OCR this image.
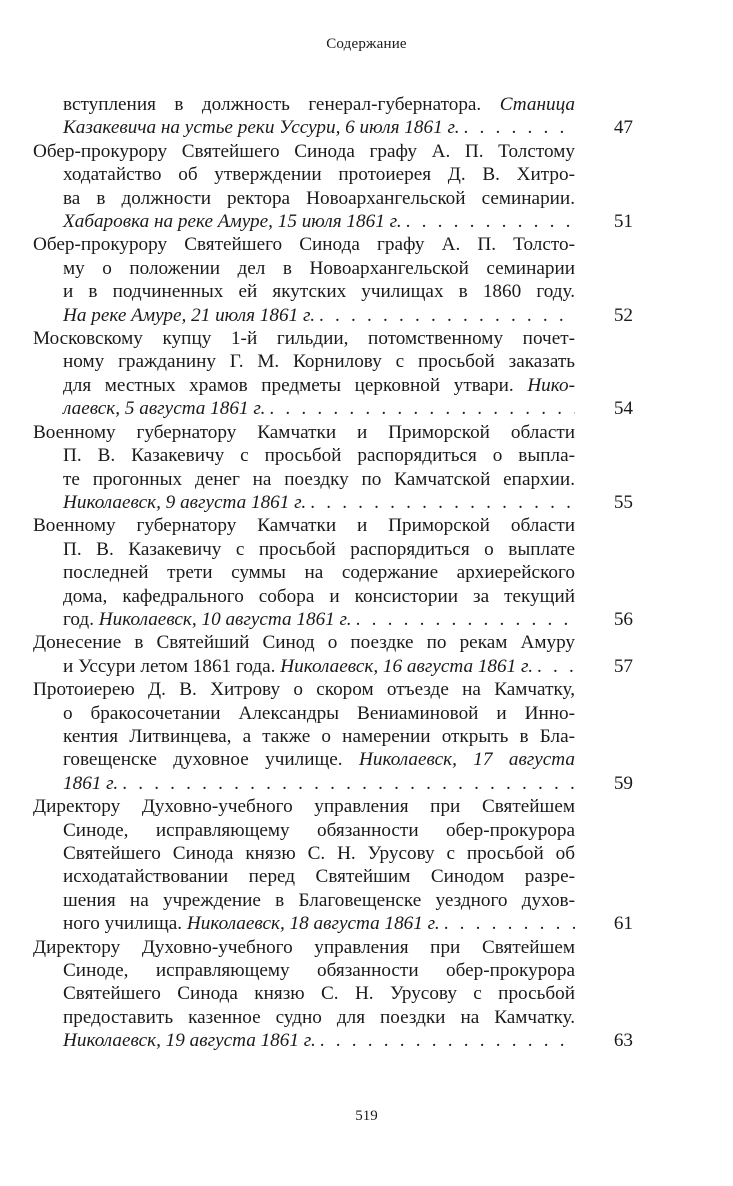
Содержание
вступления в должность генерал-губернатора. Станица
Казакевича на устье реки Уссури, 6 июля 1861 г. . . .	47
Обер-прокурору Святейшего Синода графу А. П. Толстому
ходатайство об утверждении протоиерея Д. В. Хитро-
ва в должности ректора Новоархангельской семинарии.
Хабаровка на реке Амуре, 15 июля 1861 г. . . .	51
Обер-прокурору Святейшего Синода графу А. П. Толсто-
му о положении дел в Новоархангельской семинарии
и в подчиненных ей якутских училищах в 1860 году.
На реке Амуре, 21 июля 1861 г. . . .	52
Московскому купцу 1-й гильдии, потомственному почет-
ному гражданину Г. М. Корнилову с просьбой заказать
для местных храмов предметы церковной утвари. Нико-
лаевск, 5 августа 1861 г. . . .	54
Военному губернатору Камчатки и Приморской области
П. В. Казакевичу с просьбой распорядиться о выпла-
те прогонных денег на поездку по Камчатской епархии.
Николаевск, 9 августа 1861 г. . . .	55
Военному губернатору Камчатки и Приморской области
П. В. Казакевичу с просьбой распорядиться о выплате
последней трети суммы на содержание архиерейского
дома, кафедрального собора и консистории за текущий
год. Николаевск, 10 августа 1861 г. . . .	56
Донесение в Святейший Синод о поездке по рекам Амуру
и Уссури летом 1861 года. Николаевск, 16 августа 1861 г. . . .	57
Протоиерею Д. В. Хитрову о скором отъезде на Камчатку,
о бракосочетании Александры Вениаминовой и Инно-
кентия Литвинцева, а также о намерении открыть в Бла-
говещенске духовное училище. Николаевск, 17 августа
1861 г. . . .	59
Директору Духовно-учебного управления при Святейшем
Синоде, исправляющему обязанности обер-прокурора
Святейшего Синода князю С. Н. Урусову с просьбой об
исходатайствовании перед Святейшим Синодом разре-
шения на учреждение в Благовещенске уездного духов-
ного училища. Николаевск, 18 августа 1861 г. . . .	61
Директору Духовно-учебного управления при Святейшем
Синоде, исправляющему обязанности обер-прокурора
Святейшего Синода князю С. Н. Урусову с просьбой
предоставить казенное судно для поездки на Камчатку.
Николаевск, 19 августа 1861 г. . . .	63
519
